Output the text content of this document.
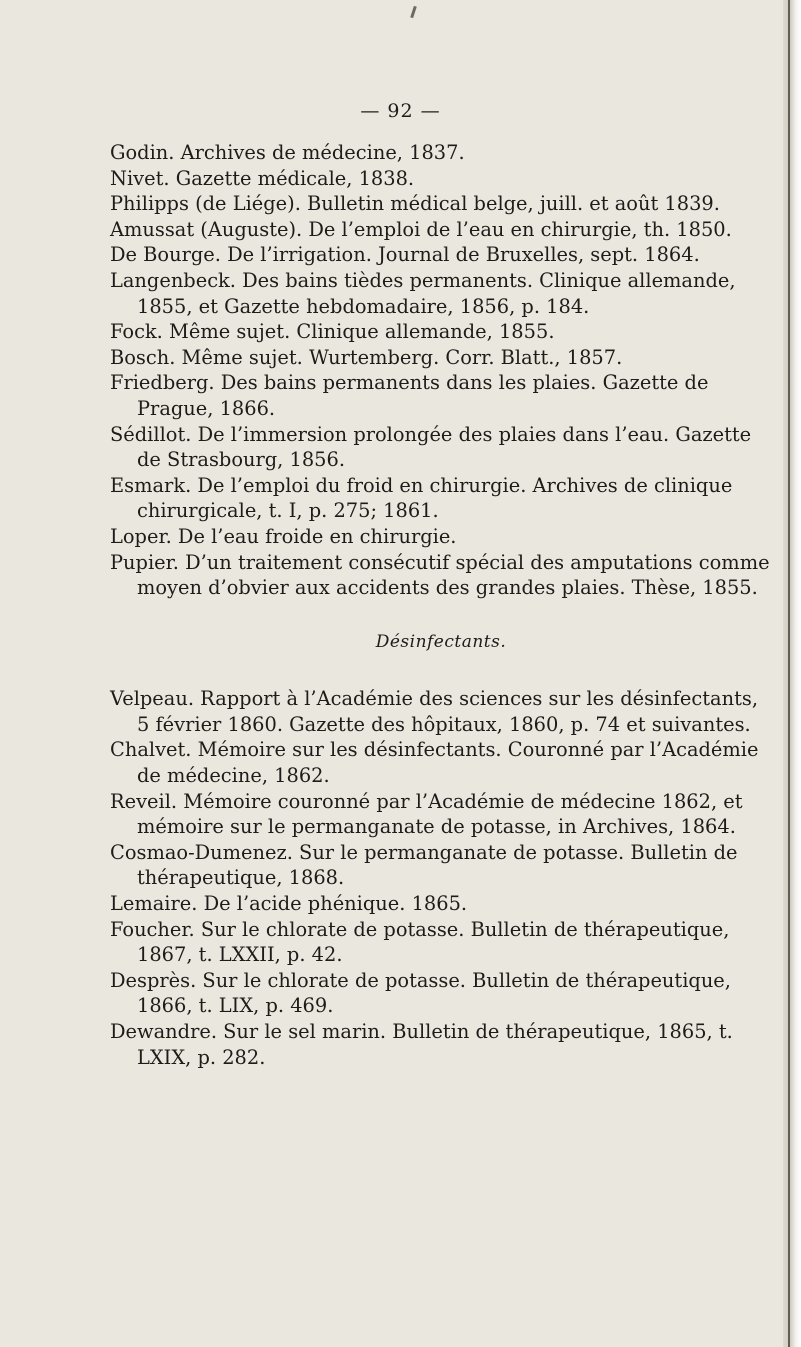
— 92 —

Godin. Archives de médecine, 1837.

Nivet. Gazette médicale, 1838.

Philipps (de Liége). Bulletin médical belge, juill. et août 1839.

Amussat (Auguste). De l’emploi de l’eau en chirurgie, th. 1850.

De Bourge. De l’irrigation. Journal de Bruxelles, sept. 1864.

Langenbeck. Des bains tièdes permanents. Clinique allemande, 1855, et Gazette hebdomadaire, 1856, p. 184.

Fock. Même sujet. Clinique allemande, 1855.

Bosch. Même sujet. Wurtemberg. Corr. Blatt., 1857.

Friedberg. Des bains permanents dans les plaies. Gazette de Prague, 1866.

Sédillot. De l’immersion prolongée des plaies dans l’eau. Gazette de Strasbourg, 1856.

Esmark. De l’emploi du froid en chirurgie. Archives de clinique chirurgicale, t. I, p. 275; 1861.

Loper. De l’eau froide en chirurgie.

Pupier. D’un traitement consécutif spécial des amputations comme moyen d’obvier aux accidents des grandes plaies. Thèse, 1855.

Désinfectants.

Velpeau. Rapport à l’Académie des sciences sur les désinfectants, 5 février 1860. Gazette des hôpitaux, 1860, p. 74 et suivantes.

Chalvet. Mémoire sur les désinfectants. Couronné par l’Académie de médecine, 1862.

Reveil. Mémoire couronné par l’Académie de médecine 1862, et mémoire sur le permanganate de potasse, in Archives, 1864.

Cosmao-Dumenez. Sur le permanganate de potasse. Bulletin de thérapeutique, 1868.

Lemaire. De l’acide phénique. 1865.

Foucher. Sur le chlorate de potasse. Bulletin de thérapeutique, 1867, t. LXXII, p. 42.

Desprès. Sur le chlorate de potasse. Bulletin de thérapeutique, 1866, t. LIX, p. 469.

Dewandre. Sur le sel marin. Bulletin de thérapeutique, 1865, t. LXIX, p. 282.
